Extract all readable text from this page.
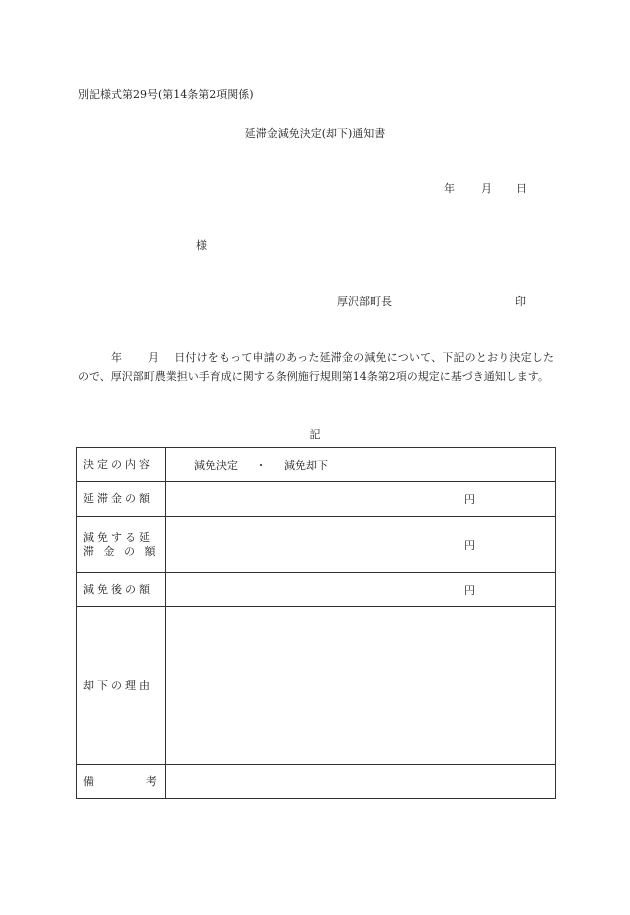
別記様式第29号(第14条第2項関係)
延滞金減免決定(却下)通知書
年 月 日
様
厚沢部町長	印
年 月 日付けをもって申請のあった延滞金の減免について、下記のとおり決定したので、厚沢部町農業担い手育成に関する条例施行規則第14条第2項の規定に基づき通知します。
記
決定の内容	減免決定 ・ 減免却下

延滞金の額	円

減免する延
滞 金 の 額	円

減免後の額	円

却下の理由	

備 考	
